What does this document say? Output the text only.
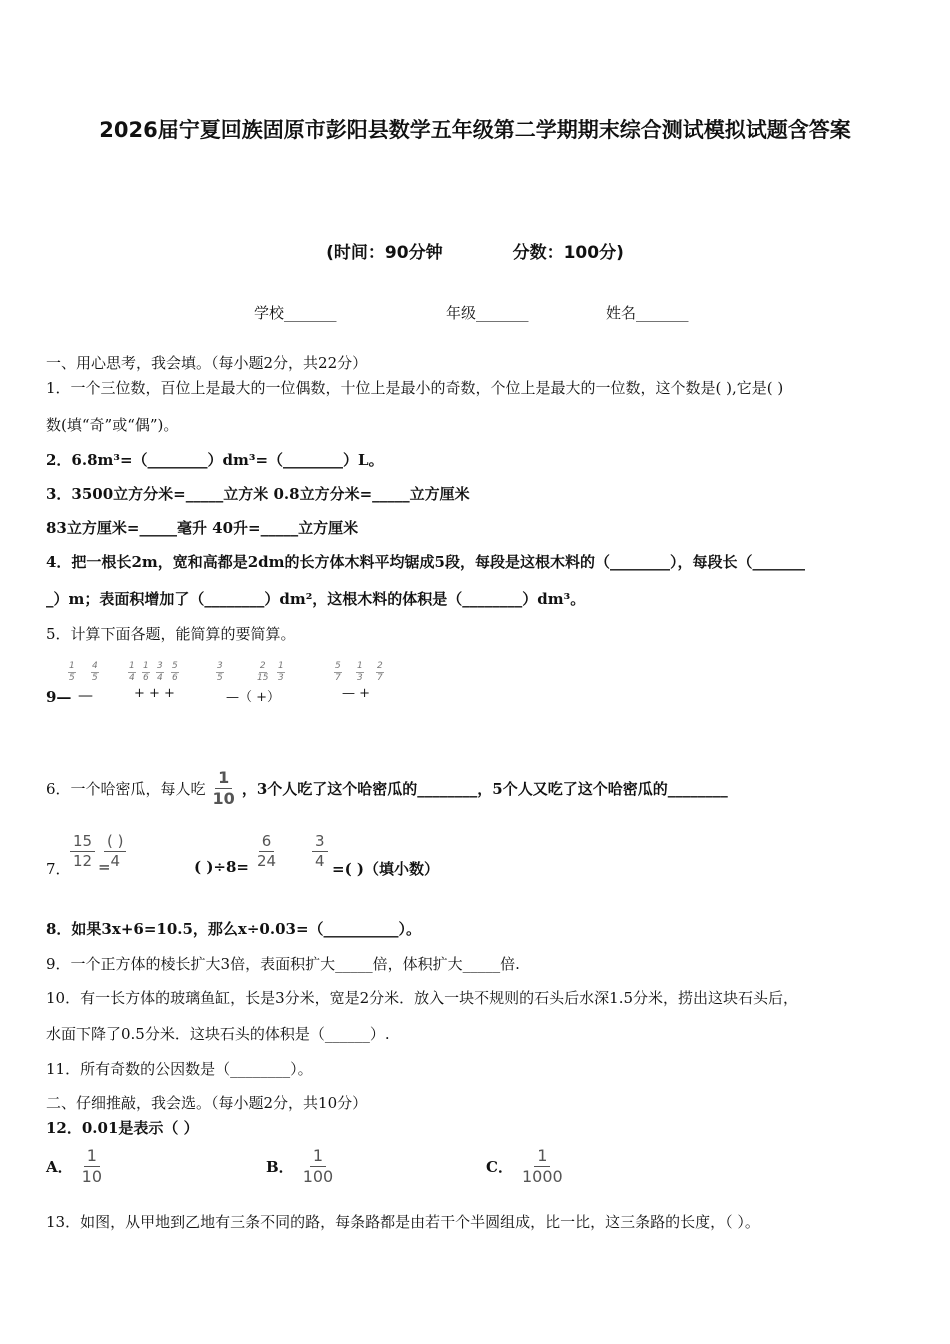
2026届宁夏回族固原市彭阳县数学五年级第二学期期末综合测试模拟试题含答案
(时间：90分钟	分数：100分)
学校_______	年级_______	姓名_______
一、用心思考，我会填。（每小题2分，共22分）
1．一个三位数，百位上是最大的一位偶数，十位上是最小的奇数，个位上是最大的一位数，这个数是( ),它是( )
数(填“奇”或“偶”)。
2．6.8m³=（________）dm³=（________）L。
3．3500立方分米=_____立方米 0.8立方分米=_____立方厘米
83立方厘米=_____毫升 40升=_____立方厘米
4．把一根长2m，宽和高都是2dm的长方体木料平均锯成5段，每段是这根木料的（________），每段长（_______
_）m；表面积增加了（________）dm²，这根木料的体积是（________）dm³。
5．计算下面各题，能简算的要简算。
9—
$\frac{1}{5} \frac{4}{5}$
—
$\frac{1}{4} \frac{1}{6} \frac{3}{4} \frac{5}{6}$
+ + +
$\frac{3}{5}$	$\frac{2}{15} \frac{1}{3}$
—（ +）
$\frac{5}{7} \frac{1}{3} \frac{2}{7}$
— +
6．一个哈密瓜，每人吃 $\frac{1}{10}$ ，3个人吃了这个哈密瓜的________，5个人又吃了这个哈密瓜的________
7． $\frac{15}{12}$ =
( )
4	( )$\div 8= \frac{6}{24} \frac{3}{4}$ =( )（填小数）
8．如果3x+6=10.5，那么x÷0.03=（__________）。
9．一个正方体的棱长扩大3倍，表面积扩大_____倍，体积扩大_____倍.
10．有一长方体的玻璃鱼缸，长是3分米，宽是2分米．放入一块不规则的石头后水深1.5分米，捞出这块石头后，
水面下降了0.5分米．这块石头的体积是（______）.
11．所有奇数的公因数是（________）。
二、仔细推敲，我会选。（每小题2分，共10分）
12．0.01是表示（ ）
A． $\frac{1}{10}$	B． $\frac{1}{100}$	C． $\frac{1}{1000}$
13．如图，从甲地到乙地有三条不同的路，每条路都是由若干个半圆组成，比一比，这三条路的长度，（ ）。
